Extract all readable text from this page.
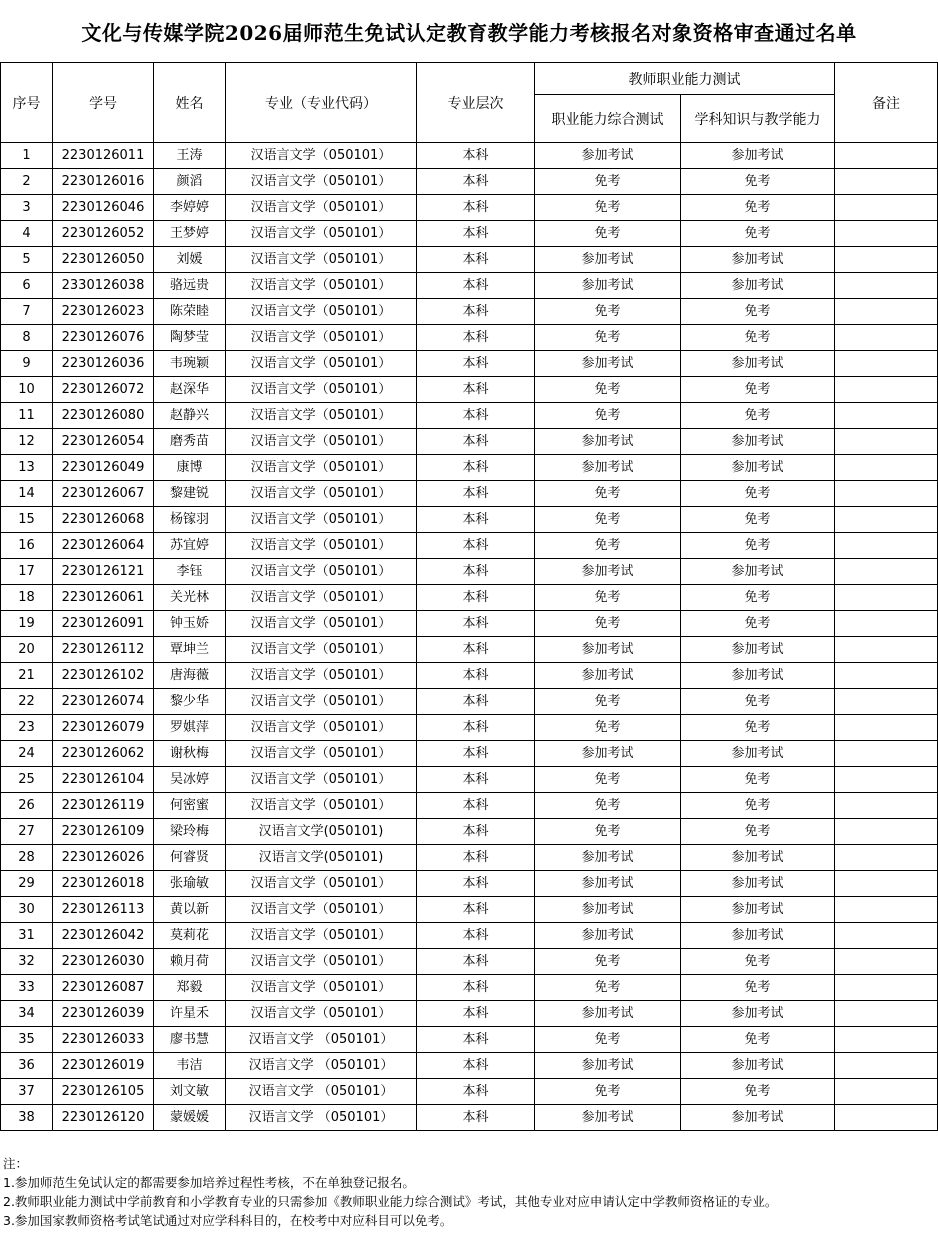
文化与传媒学院2026届师范生免试认定教育教学能力考核报名对象资格审查通过名单
序号	学号	姓名	专业（专业代码）	专业层次	教师职业能力测试		备注
					职业能力综合测试	学科知识与教学能力	
1	2230126011	王涛	汉语言文学（050101）	本科	参加考试	参加考试	
2	2230126016	颜滔	汉语言文学（050101）	本科	免考	免考	
3	2230126046	李婷婷	汉语言文学（050101）	本科	免考	免考	
4	2230126052	王梦婷	汉语言文学（050101）	本科	免考	免考	
5	2230126050	刘媛	汉语言文学（050101）	本科	参加考试	参加考试	
6	2330126038	骆远贵	汉语言文学（050101）	本科	参加考试	参加考试	
7	2230126023	陈荣睦	汉语言文学（050101）	本科	免考	免考	
8	2230126076	陶梦莹	汉语言文学（050101）	本科	免考	免考	
9	2230126036	韦琬颖	汉语言文学（050101）	本科	参加考试	参加考试	
10	2230126072	赵深华	汉语言文学（050101）	本科	免考	免考	
11	2230126080	赵静兴	汉语言文学（050101）	本科	免考	免考	
12	2230126054	磨秀苗	汉语言文学（050101）	本科	参加考试	参加考试	
13	2230126049	康博	汉语言文学（050101）	本科	参加考试	参加考试	
14	2230126067	黎建锐	汉语言文学（050101）	本科	免考	免考	
15	2230126068	杨镓羽	汉语言文学（050101）	本科	免考	免考	
16	2230126064	苏宜婷	汉语言文学（050101）	本科	免考	免考	
17	2230126121	李钰	汉语言文学（050101）	本科	参加考试	参加考试	
18	2230126061	关光林	汉语言文学（050101）	本科	免考	免考	
19	2230126091	钟玉娇	汉语言文学（050101）	本科	免考	免考	
20	2230126112	覃坤兰	汉语言文学（050101）	本科	参加考试	参加考试	
21	2230126102	唐海薇	汉语言文学（050101）	本科	参加考试	参加考试	
22	2230126074	黎少华	汉语言文学（050101）	本科	免考	免考	
23	2230126079	罗娸萍	汉语言文学（050101）	本科	免考	免考	
24	2230126062	谢秋梅	汉语言文学（050101）	本科	参加考试	参加考试	
25	2230126104	吴冰婷	汉语言文学（050101）	本科	免考	免考	
26	2230126119	何密蜜	汉语言文学（050101）	本科	免考	免考	
27	2230126109	梁玲梅	汉语言文学(050101)	本科	免考	免考	
28	2230126026	何睿贤	汉语言文学(050101)	本科	参加考试	参加考试	
29	2230126018	张瑜敏	汉语言文学（050101）	本科	参加考试	参加考试	
30	2230126113	黄以新	汉语言文学（050101）	本科	参加考试	参加考试	
31	2230126042	莫莉花	汉语言文学（050101）	本科	参加考试	参加考试	
32	2230126030	赖月荷	汉语言文学（050101）	本科	免考	免考	
33	2230126087	郑毅	汉语言文学（050101）	本科	免考	免考	
34	2230126039	许星禾	汉语言文学（050101）	本科	参加考试	参加考试	
35	2230126033	廖书慧	汉语言文学 （050101）	本科	免考	免考	
36	2230126019	韦洁	汉语言文学 （050101）	本科	参加考试	参加考试	
37	2230126105	刘文敏	汉语言文学 （050101）	本科	免考	免考	
38	2230126120	蒙媛媛	汉语言文学 （050101）	本科	参加考试	参加考试	
注：
1.参加师范生免试认定的都需要参加培养过程性考核，不在单独登记报名。
2.教师职业能力测试中学前教育和小学教育专业的只需参加《教师职业能力综合测试》考试，其他专业对应申请认定中学教师资格证的专业。
3.参加国家教师资格考试笔试通过对应学科科目的，在校考中对应科目可以免考。
